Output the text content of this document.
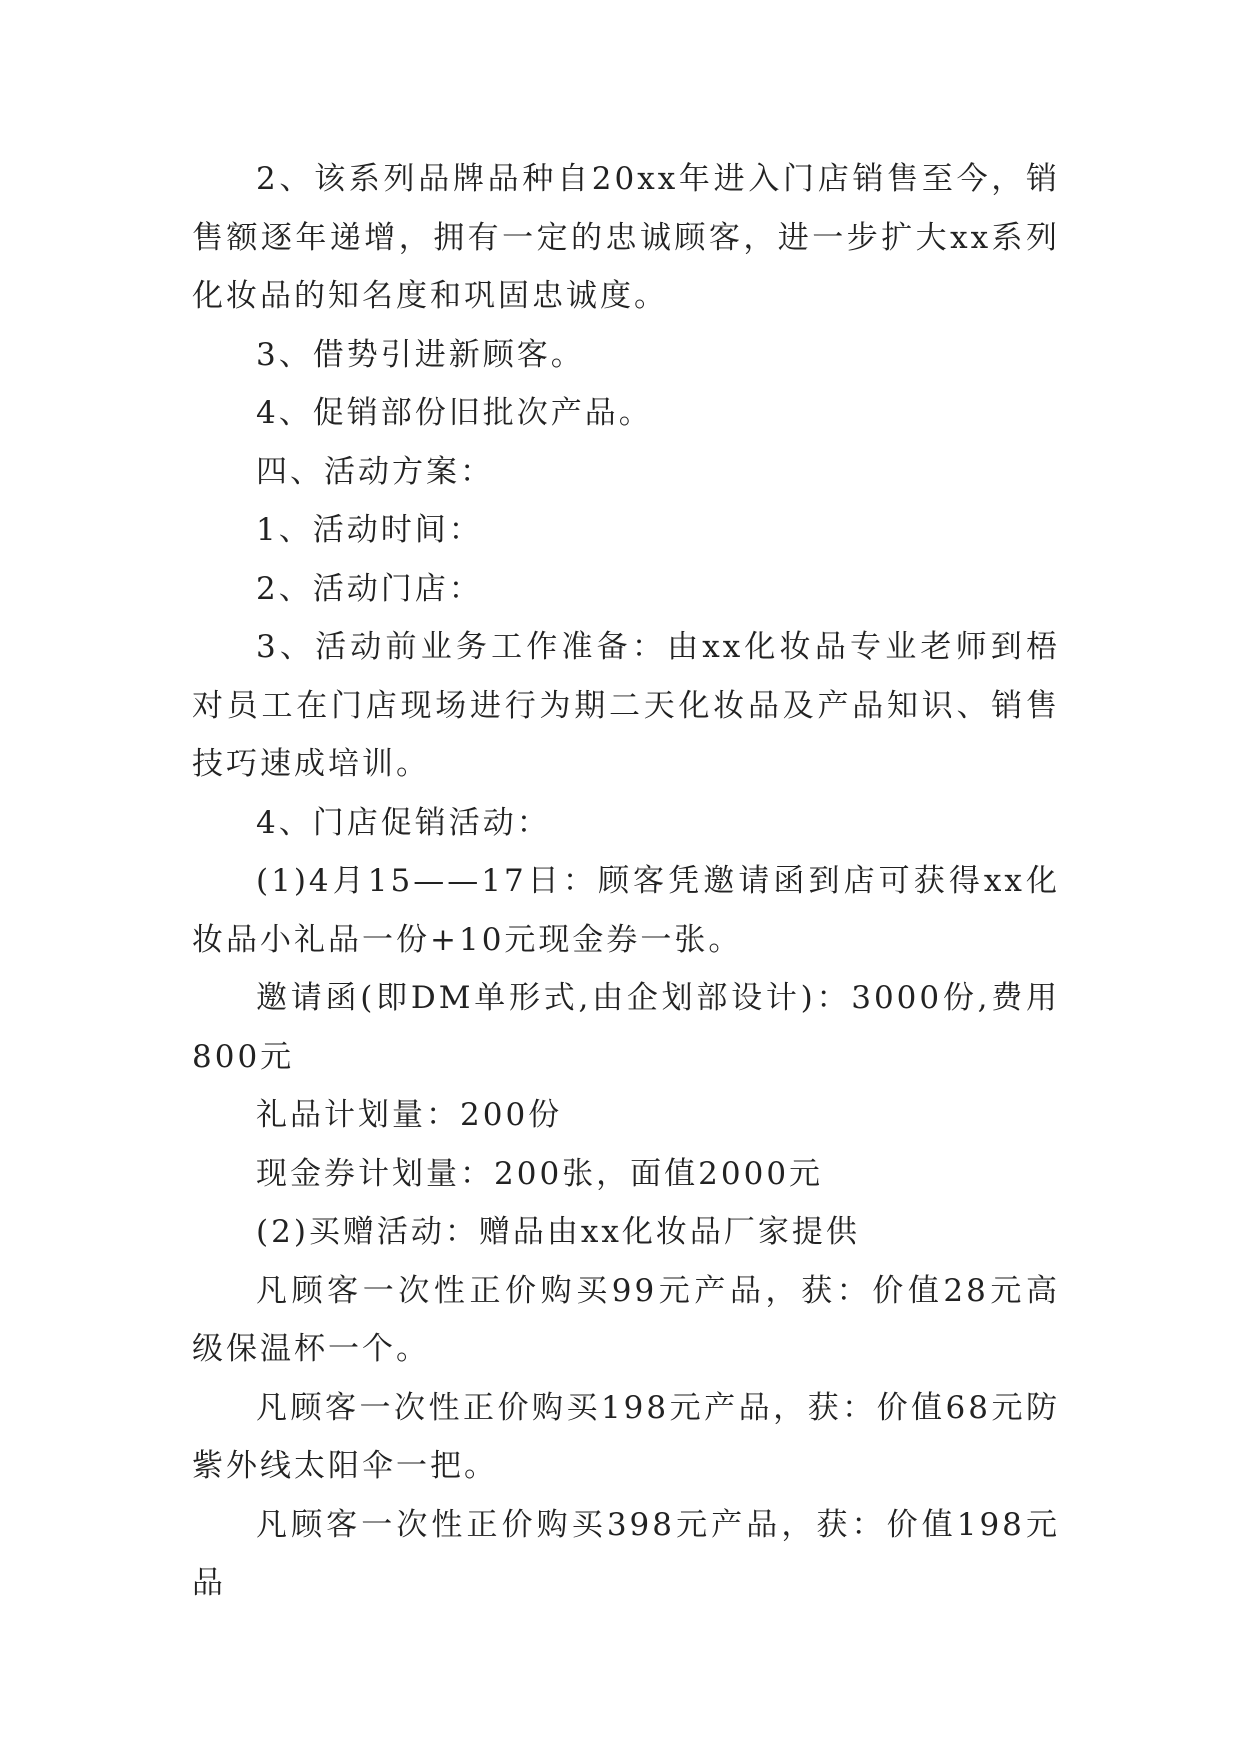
2、该系列品牌品种自20xx年进入门店销售至今，销售额逐年递增，拥有一定的忠诚顾客，进一步扩大xx系列化妆品的知名度和巩固忠诚度。

3、借势引进新顾客。

4、促销部份旧批次产品。

四、活动方案：

1、活动时间：

2、活动门店：

3、活动前业务工作准备：由xx化妆品专业老师到梧对员工在门店现场进行为期二天化妆品及产品知识、销售技巧速成培训。

4、门店促销活动：

(1)4月15——17日：顾客凭邀请函到店可获得xx化妆品小礼品一份+10元现金券一张。

邀请函(即DM单形式,由企划部设计)：3000份,费用800元

礼品计划量：200份

现金券计划量：200张，面值2000元

(2)买赠活动：赠品由xx化妆品厂家提供

凡顾客一次性正价购买99元产品，获：价值28元高级保温杯一个。

凡顾客一次性正价购买198元产品，获：价值68元防紫外线太阳伞一把。

凡顾客一次性正价购买398元产品，获：价值198元品
